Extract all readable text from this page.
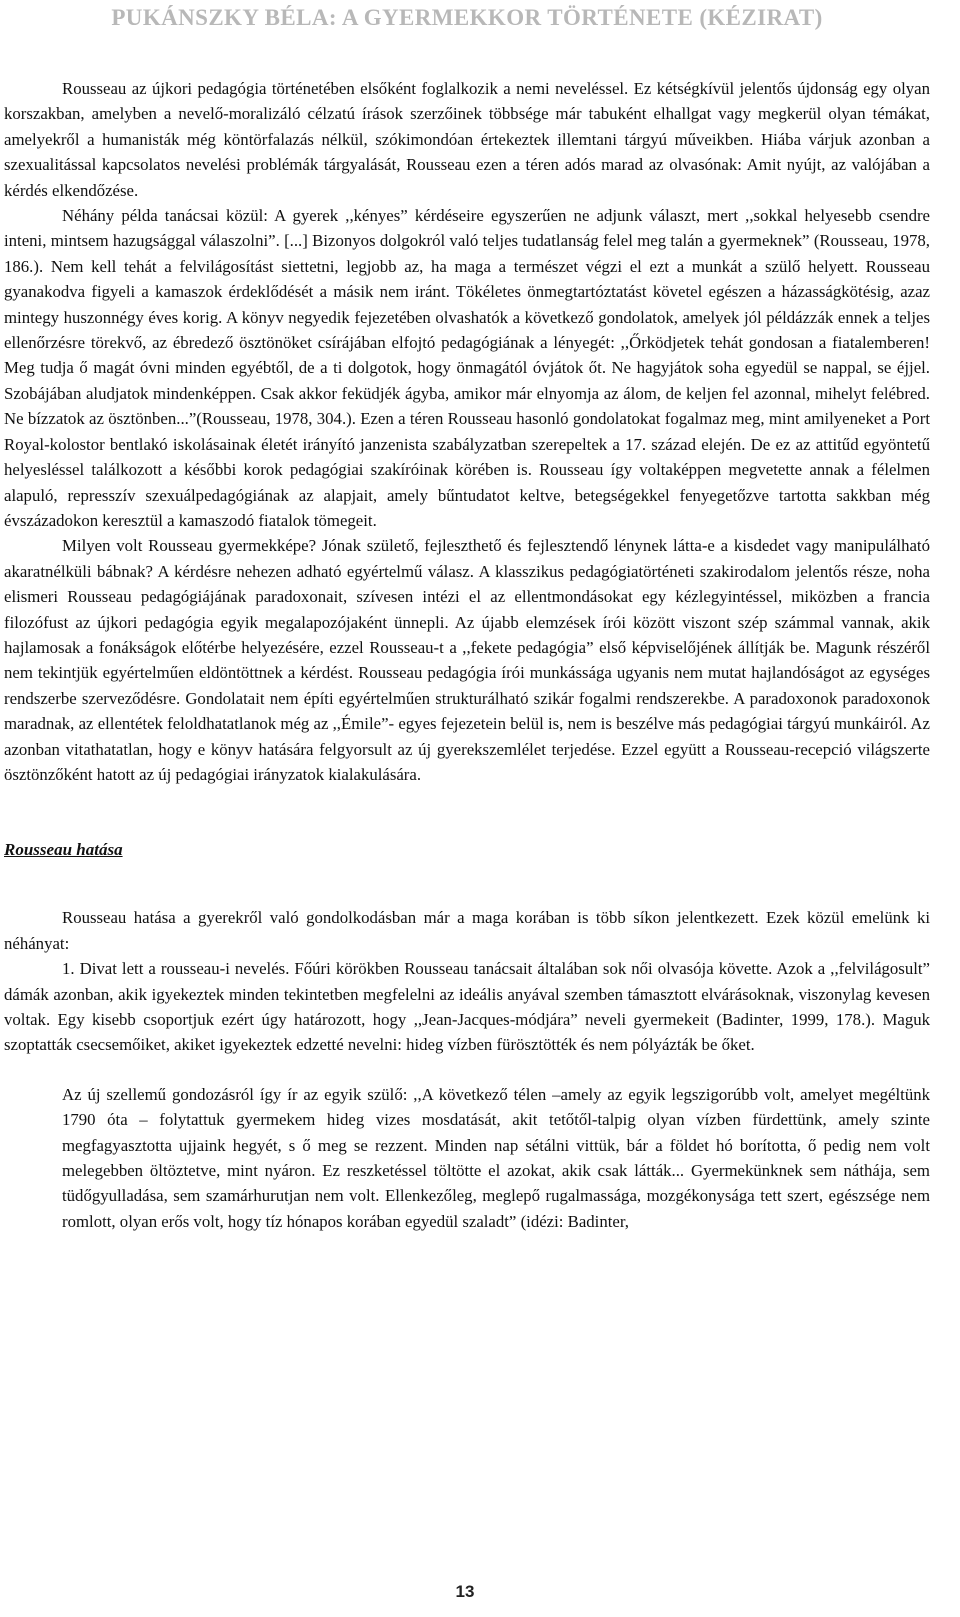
PUKÁNSZKY BÉLA: A GYERMEKKOR TÖRTÉNETE (KÉZIRAT)

Rousseau az újkori pedagógia történetében elsőként foglalkozik a nemi neveléssel. Ez kétségkívül jelentős újdonság egy olyan korszakban, amelyben a nevelő-moralizáló célzatú írások szerzőinek többsége már tabuként elhallgat vagy megkerül olyan témákat, amelyekről a humanisták még köntörfalazás nélkül, szókimondóan értekeztek illemtani tárgyú műveikben. Hiába várjuk azonban a szexualitással kapcsolatos nevelési problémák tárgyalását, Rousseau ezen a téren adós marad az olvasónak: Amit nyújt, az valójában a kérdés elkendőzése.

Néhány példa tanácsai közül: A gyerek ,,kényes” kérdéseire egyszerűen ne adjunk választ, mert ,,sokkal helyesebb csendre inteni, mintsem hazugsággal válaszolni”. [...] Bizonyos dolgokról való teljes tudatlanság felel meg talán a gyermeknek” (Rousseau, 1978, 186.). Nem kell tehát a felvilágosítást siettetni, legjobb az, ha maga a természet végzi el ezt a munkát a szülő helyett. Rousseau gyanakodva figyeli a kamaszok érdeklődését a másik nem iránt. Tökéletes önmegtartóztatást követel egészen a házasságkötésig, azaz mintegy huszonnégy éves korig. A könyv negyedik fejezetében olvashatók a következő gondolatok, amelyek jól példázzák ennek a teljes ellenőrzésre törekvő, az ébredező ösztönöket csírájában elfojtó pedagógiának a lényegét: ,,Őrködjetek tehát gondosan a fiatalemberen! Meg tudja ő magát óvni minden egyébtől, de a ti dolgotok, hogy önmagától óvjátok őt. Ne hagyjátok soha egyedül se nappal, se éjjel. Szobájában aludjatok mindenképpen. Csak akkor feküdjék ágyba, amikor már elnyomja az álom, de keljen fel azonnal, mihelyt felébred. Ne bízzatok az ösztönben...”(Rousseau, 1978, 304.). Ezen a téren Rousseau hasonló gondolatokat fogalmaz meg, mint amilyeneket a Port Royal-kolostor bentlakó iskolásainak életét irányító janzenista szabályzatban szerepeltek a 17. század elején. De ez az attitűd egyöntetű helyesléssel találkozott a későbbi korok pedagógiai szakíróinak körében is. Rousseau így voltaképpen megvetette annak a félelmen alapuló, represszív szexuálpedagógiának az alapjait, amely bűntudatot keltve, betegségekkel fenyegetőzve tartotta sakkban még évszázadokon keresztül a kamaszodó fiatalok tömegeit.

Milyen volt Rousseau gyermekképe? Jónak születő, fejleszthető és fejlesztendő lénynek látta-e a kisdedet vagy manipulálható akaratnélküli bábnak? A kérdésre nehezen adható egyértelmű válasz. A klasszikus pedagógiatörténeti szakirodalom jelentős része, noha elismeri Rousseau pedagógiájának paradoxonait, szívesen intézi el az ellentmondásokat egy kézlegyintéssel, miközben a francia filozófust az újkori pedagógia egyik megalapozójaként ünnepli. Az újabb elemzések írói között viszont szép számmal vannak, akik hajlamosak a fonákságok előtérbe helyezésére, ezzel Rousseau-t a ,,fekete pedagógia” első képviselőjének állítják be. Magunk részéről nem tekintjük egyértelműen eldöntöttnek a kérdést. Rousseau pedagógia írói munkássága ugyanis nem mutat hajlandóságot az egységes rendszerbe szerveződésre. Gondolatait nem építi egyértelműen strukturálható szikár fogalmi rendszerekbe. A paradoxonok paradoxonok maradnak, az ellentétek feloldhatatlanok még az ,,Émile”- egyes fejezetein belül is, nem is beszélve más pedagógiai tárgyú munkáiról. Az azonban vitathatatlan, hogy e könyv hatására felgyorsult az új gyerekszemlélet terjedése. Ezzel együtt a Rousseau-recepció világszerte ösztönzőként hatott az új pedagógiai irányzatok kialakulására.

Rousseau hatása

Rousseau hatása a gyerekről való gondolkodásban már a maga korában is több síkon jelentkezett. Ezek közül emelünk ki néhányat:

1. Divat lett a rousseau-i nevelés. Főúri körökben Rousseau tanácsait általában sok női olvasója követte. Azok a ,,felvilágosult” dámák azonban, akik igyekeztek minden tekintetben megfelelni az ideális anyával szemben támasztott elvárásoknak, viszonylag kevesen voltak. Egy kisebb csoportjuk ezért úgy határozott, hogy ,,Jean-Jacques-módjára” neveli gyermekeit (Badinter, 1999, 178.). Maguk szoptatták csecsemőiket, akiket igyekeztek edzetté nevelni: hideg vízben fürösztötték és nem pólyázták be őket.

Az új szellemű gondozásról így ír az egyik szülő: ,,A következő télen –amely az egyik legszigorúbb volt, amelyet megéltünk 1790 óta – folytattuk gyermekem hideg vizes mosdatását, akit tetőtől-talpig olyan vízben fürdettünk, amely szinte megfagyasztotta ujjaink hegyét, s ő meg se rezzent. Minden nap sétálni vittük, bár a földet hó borította, ő pedig nem volt melegebben öltöztetve, mint nyáron. Ez reszketéssel töltötte el azokat, akik csak látták... Gyermekünknek sem náthája, sem tüdőgyulladása, sem szamárhurutjan nem volt. Ellenkezőleg, meglepő rugalmassága, mozgékonysága tett szert, egészsége nem romlott, olyan erős volt, hogy tíz hónapos korában egyedül szaladt” (idézi: Badinter,
13
